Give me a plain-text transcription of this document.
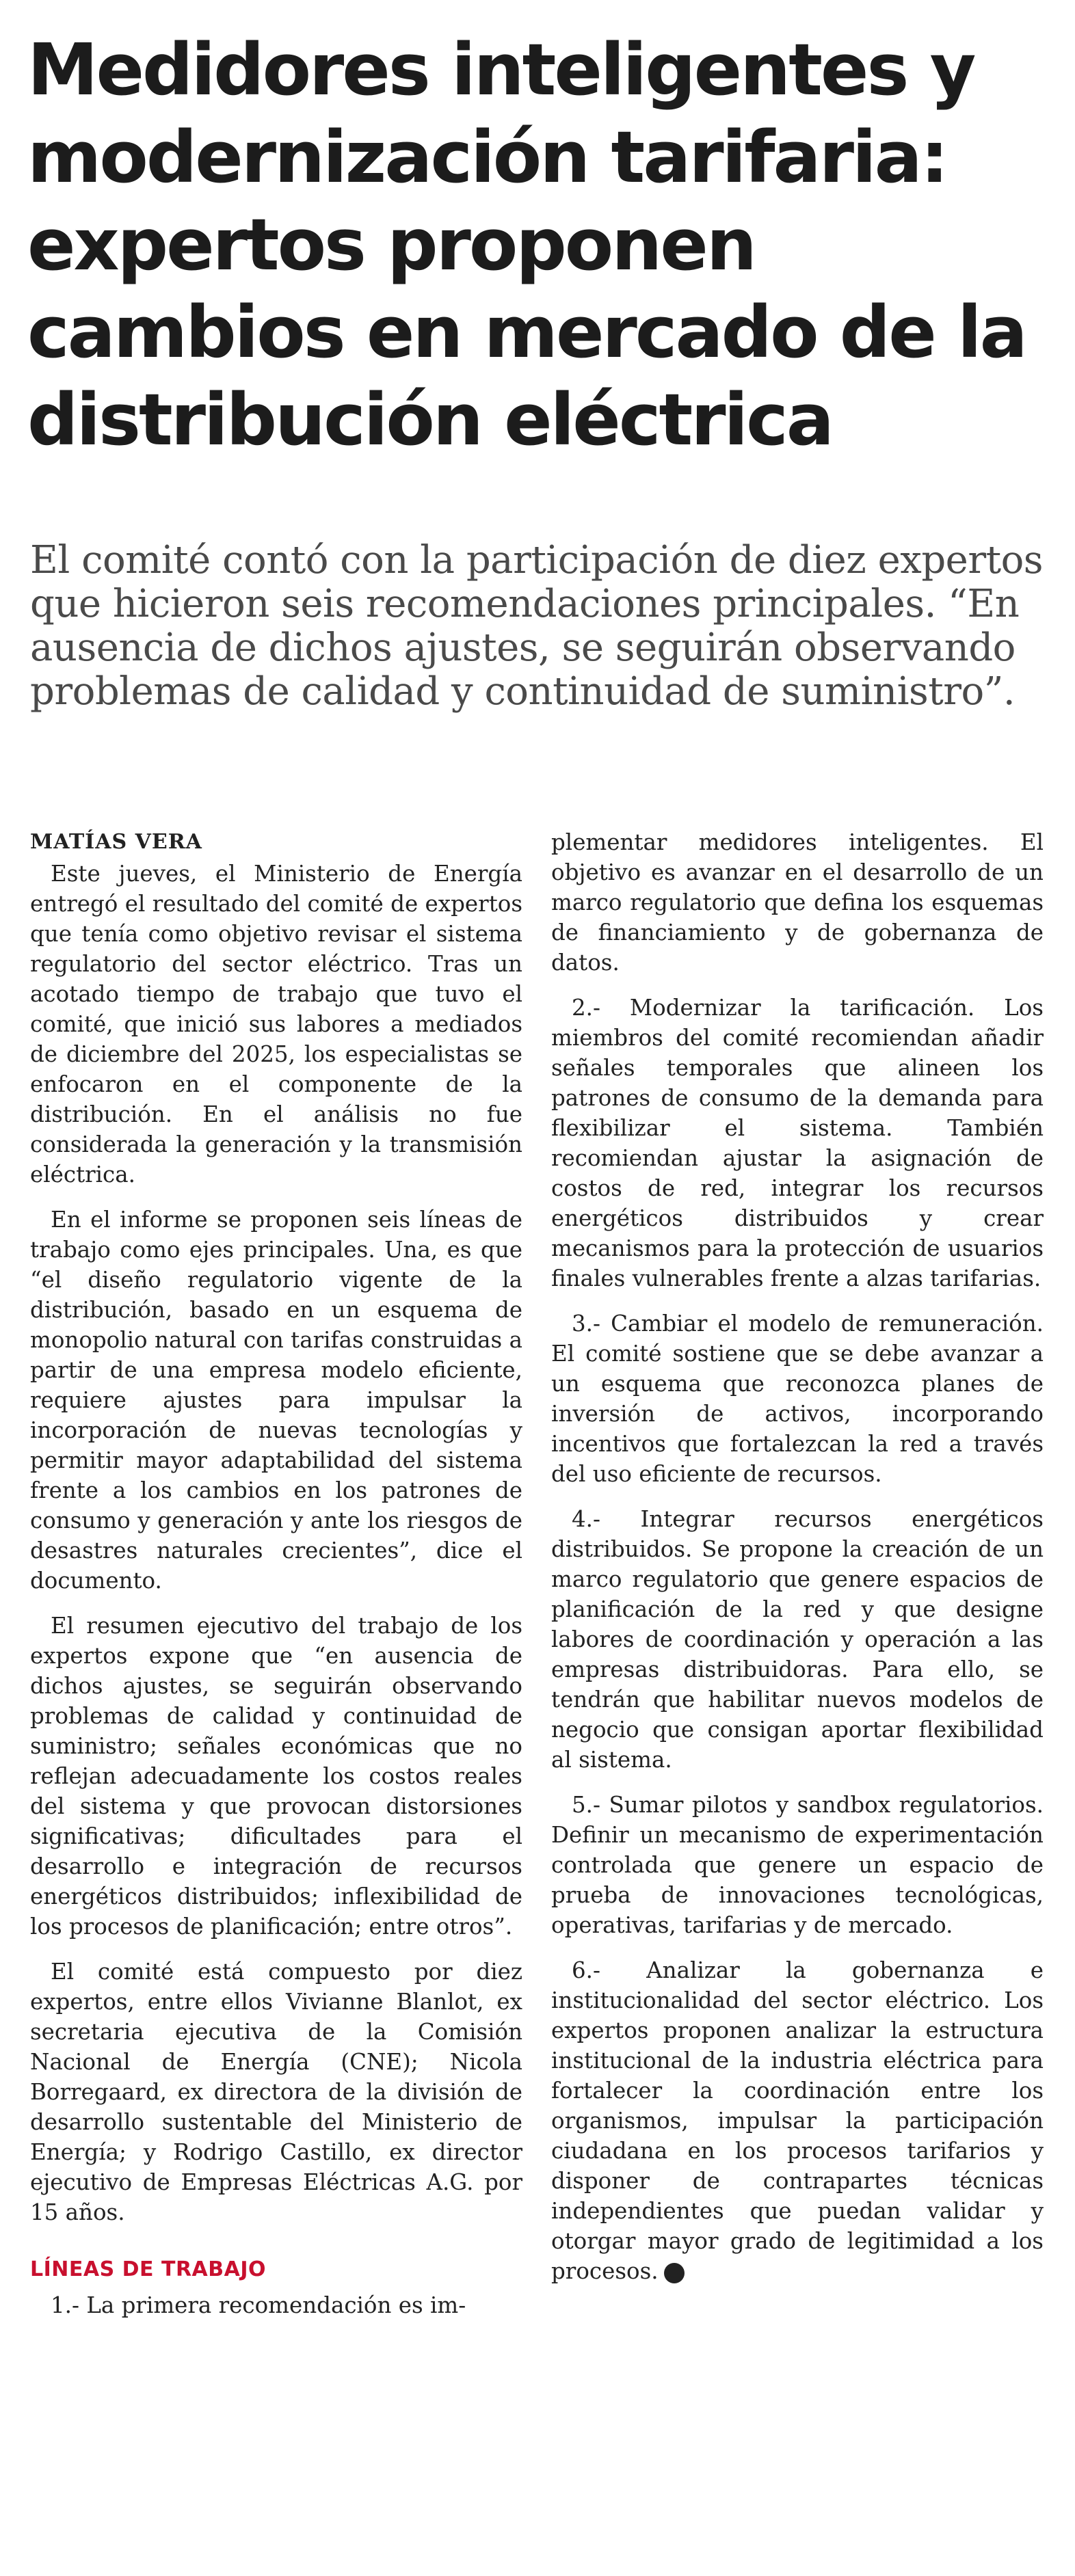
Medidores inteligentes y
modernización tarifaria:
expertos proponen
cambios en mercado de la
distribución eléctrica

El comité contó con la participación de diez expertos
que hicieron seis recomendaciones principales. “En
ausencia de dichos ajustes, se seguirán observando
problemas de calidad y continuidad de suministro”.

MATÍAS VERA

Este jueves, el Ministerio de Energía entregó el resultado del comité de expertos que tenía como objetivo revisar el sistema regulatorio del sector eléctrico. Tras un acotado tiempo de trabajo que tuvo el comité, que inició sus labores a mediados de diciembre del 2025, los especialistas se enfocaron en el componente de la distribución. En el análisis no fue considerada la generación y la transmisión eléctrica.

En el informe se proponen seis líneas de trabajo como ejes principales. Una, es que “el diseño regulatorio vigente de la distribución, basado en un esquema de monopolio natural con tarifas construidas a partir de una empresa modelo eficiente, requiere ajustes para impulsar la incorporación de nuevas tecnologías y permitir mayor adaptabilidad del sistema frente a los cambios en los patrones de consumo y generación y ante los riesgos de desastres naturales crecientes”, dice el documento.

El resumen ejecutivo del trabajo de los expertos expone que “en ausencia de dichos ajustes, se seguirán observando problemas de calidad y continuidad de suministro; señales económicas que no reflejan adecuadamente los costos reales del sistema y que provocan distorsiones significativas; dificultades para el desarrollo e integración de recursos energéticos distribuidos; inflexibilidad de los procesos de planificación; entre otros”.

El comité está compuesto por diez expertos, entre ellos Vivianne Blanlot, ex secretaria ejecutiva de la Comisión Nacional de Energía (CNE); Nicola Borregaard, ex directora de la división de desarrollo sustentable del Ministerio de Energía; y Rodrigo Castillo, ex director ejecutivo de Empresas Eléctricas A.G. por 15 años.

LÍNEAS DE TRABAJO

1.- La primera recomendación es im-

plementar medidores inteligentes. El objetivo es avanzar en el desarrollo de un marco regulatorio que defina los esquemas de financiamiento y de gobernanza de datos.

2.- Modernizar la tarificación. Los miembros del comité recomiendan añadir señales temporales que alineen los patrones de consumo de la demanda para flexibilizar el sistema. También recomiendan ajustar la asignación de costos de red, integrar los recursos energéticos distribuidos y crear mecanismos para la protección de usuarios finales vulnerables frente a alzas tarifarias.

3.- Cambiar el modelo de remuneración. El comité sostiene que se debe avanzar a un esquema que reconozca planes de inversión de activos, incorporando incentivos que fortalezcan la red a través del uso eficiente de recursos.

4.- Integrar recursos energéticos distribuidos. Se propone la creación de un marco regulatorio que genere espacios de planificación de la red y que designe labores de coordinación y operación a las empresas distribuidoras. Para ello, se tendrán que habilitar nuevos modelos de negocio que consigan aportar flexibilidad al sistema.

5.- Sumar pilotos y sandbox regulatorios. Definir un mecanismo de experimentación controlada que genere un espacio de prueba de innovaciones tecnológicas, operativas, tarifarias y de mercado.

6.- Analizar la gobernanza e institucionalidad del sector eléctrico. Los expertos proponen analizar la estructura institucional de la industria eléctrica para fortalecer la coordinación entre los organismos, impulsar la participación ciudadana en los procesos tarifarios y disponer de contrapartes técnicas independientes que puedan validar y otorgar mayor grado de legitimidad a los procesos. P
